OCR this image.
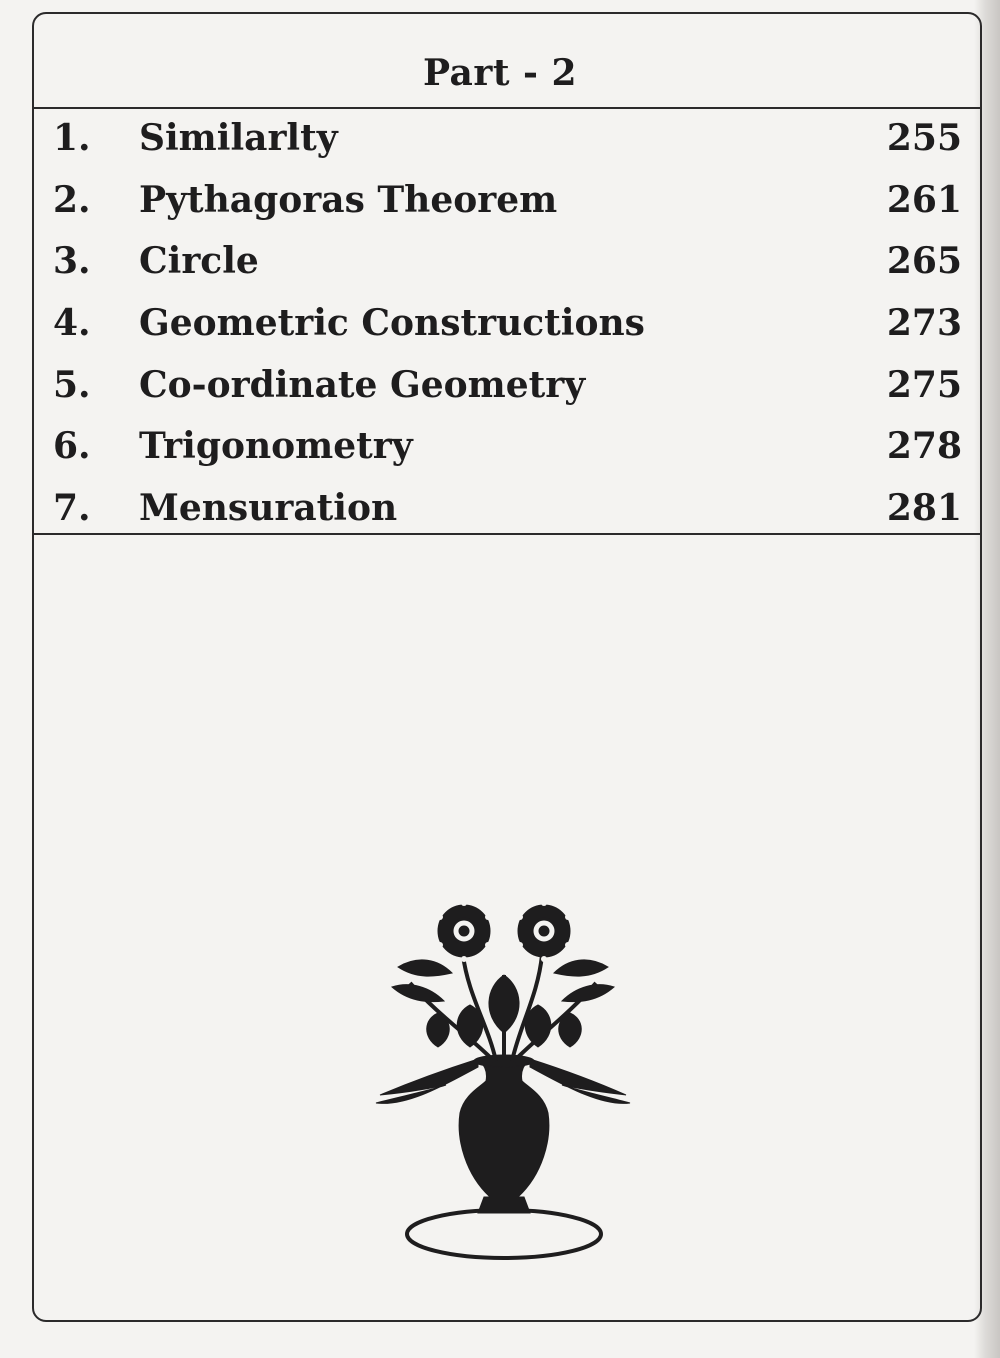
Part - 2
1. Similarlty	255
2. Pythagoras Theorem	261
3. Circle	265
4. Geometric Constructions	273
5. Co-ordinate Geometry	275
6. Trigonometry	278
7. Mensuration	281
